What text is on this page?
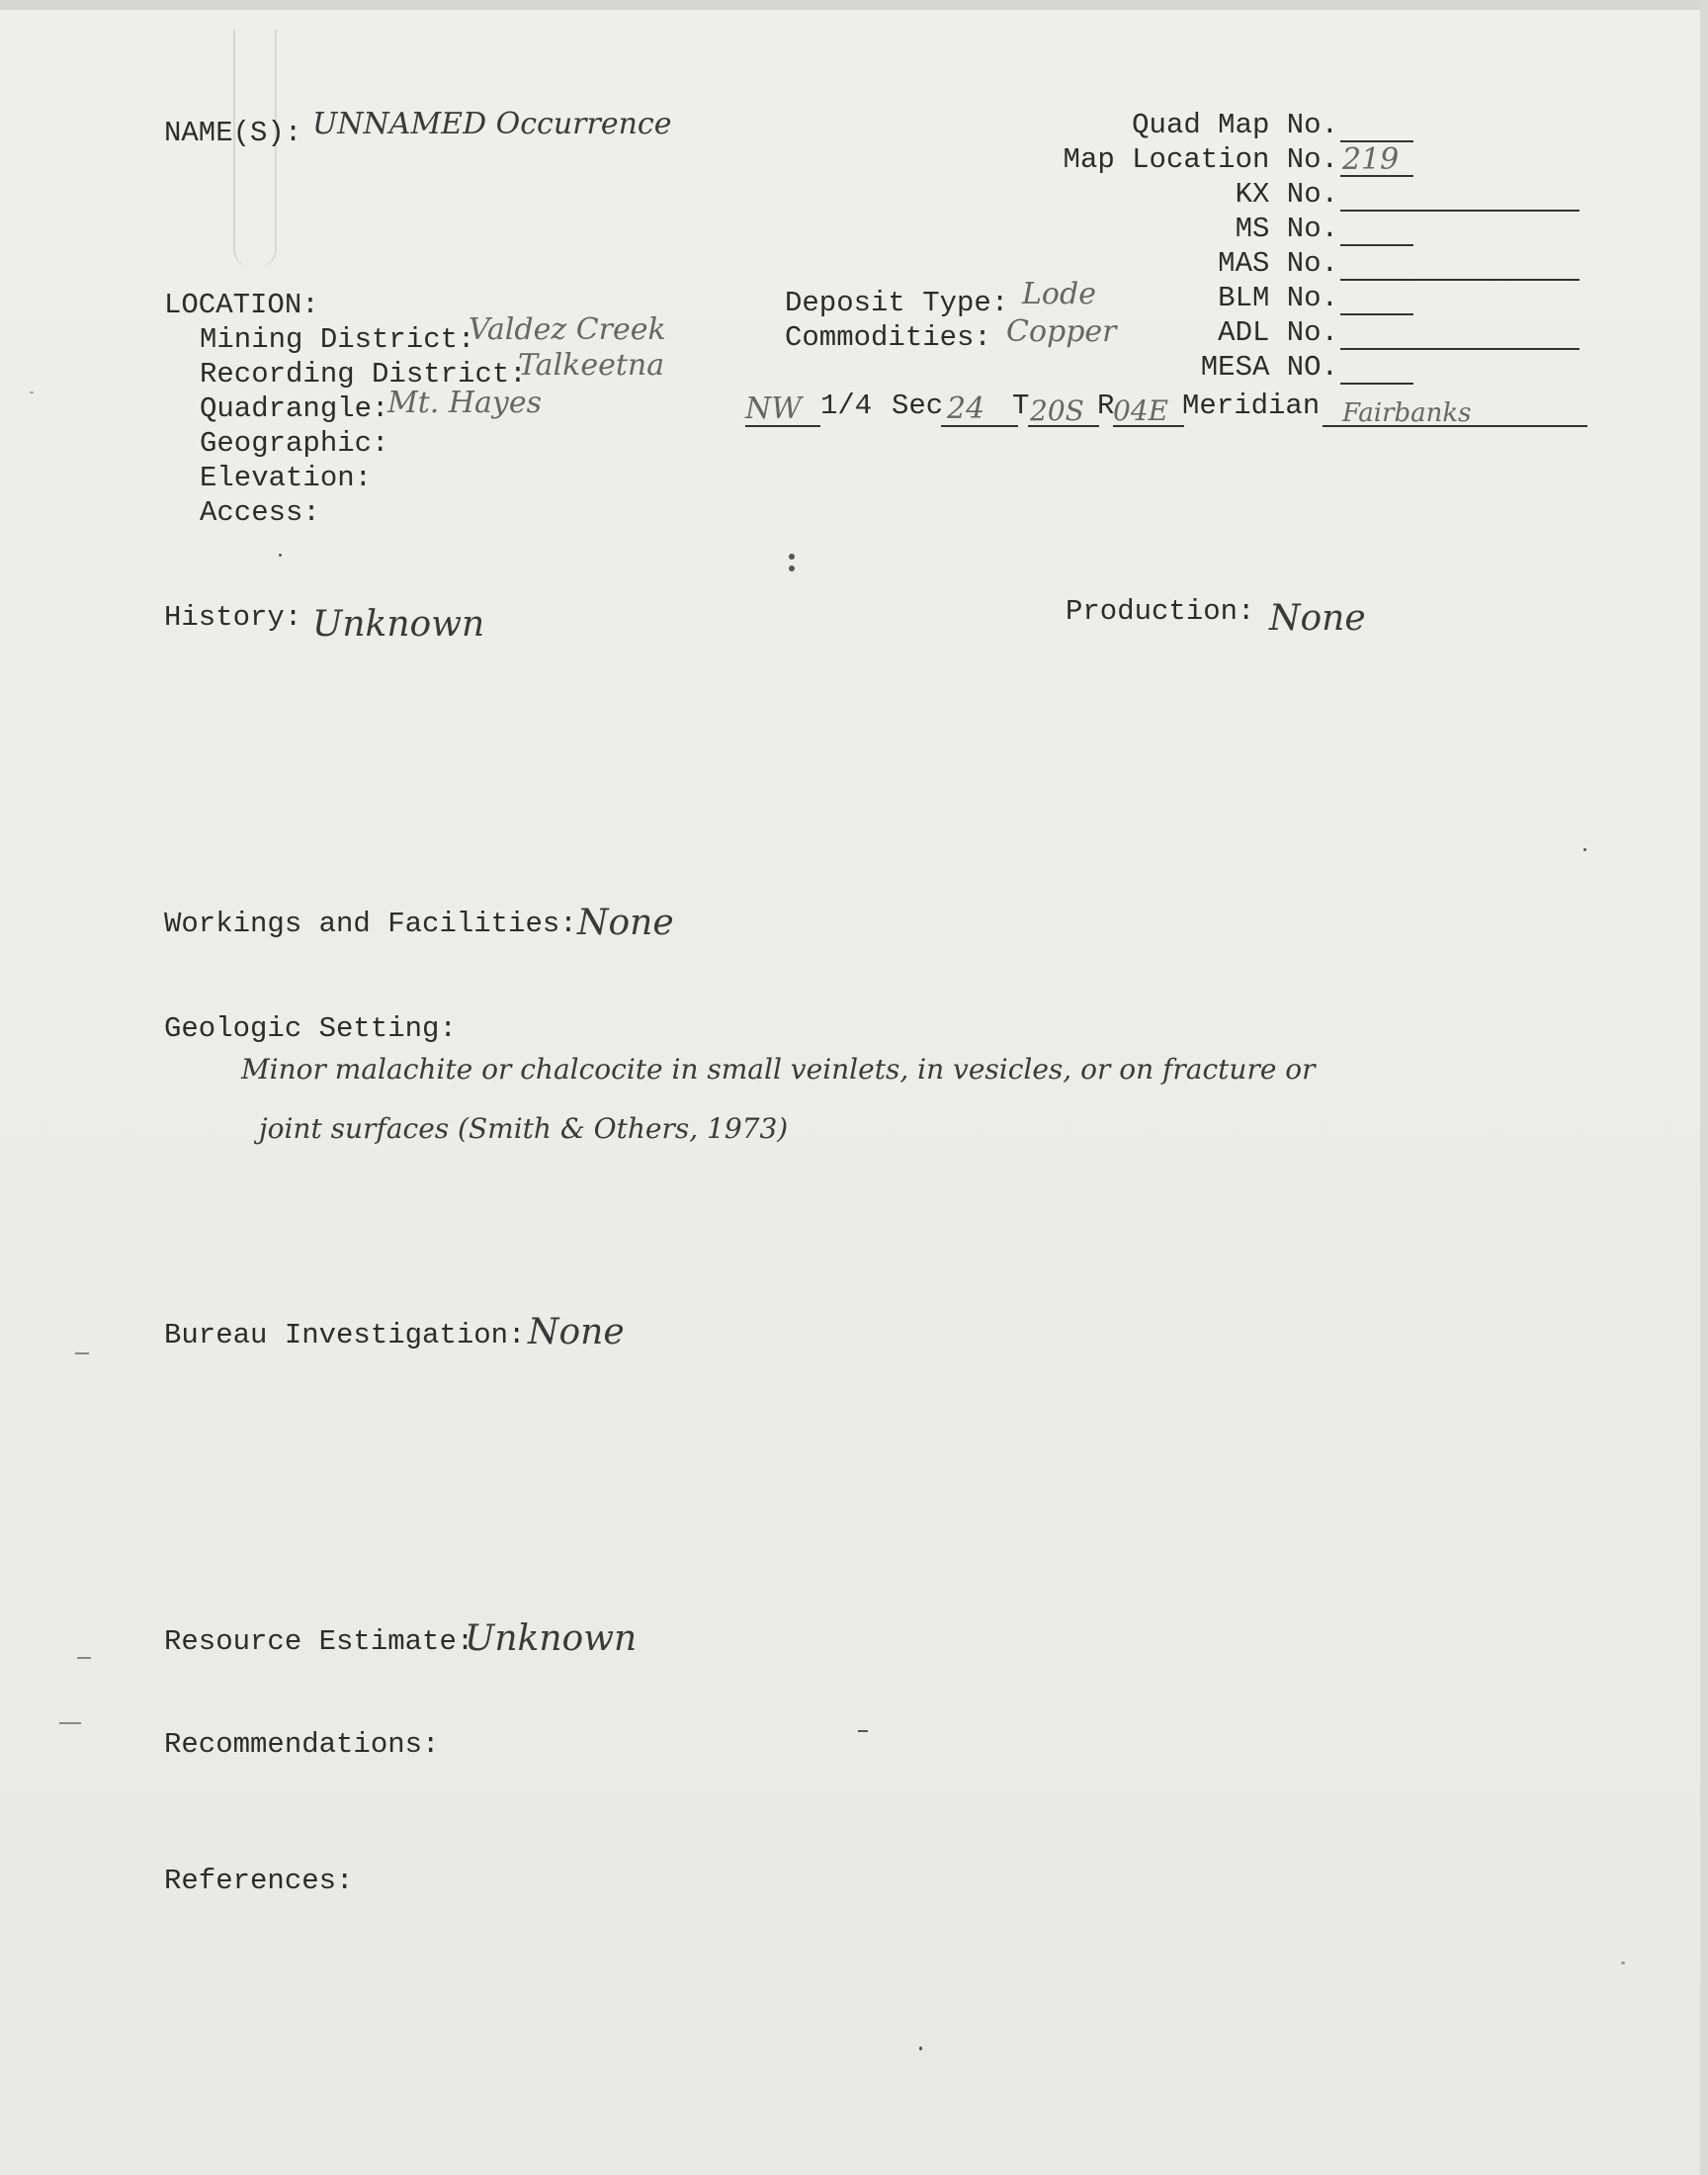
NAME(S): UNNAMED Occurrence	Quad Map No.
Map Location No. 219
KX No.
MS No.
MAS No.
BLM No.
ADL No.
MESA NO.
LOCATION:
Mining District:
Valdez Creek
Recording District:
Talkeetna
Quadrangle:
Mt. Hayes
Geographic:
Elevation:
Access:
Deposit Type: Lode
Commodities: Copper
NW 1/4 Sec 24 T 20S R
04E Meridian Fairbanks
History: Unknown	Production: None
Workings and Facilities: None
Geologic Setting:
Minor malachite or chalcocite in small veinlets, in vesicles, or on fracture or
joint surfaces (Smith & Others, 1973)
Bureau Investigation: None
Resource Estimate:
Unknown
Recommendations:
References:
